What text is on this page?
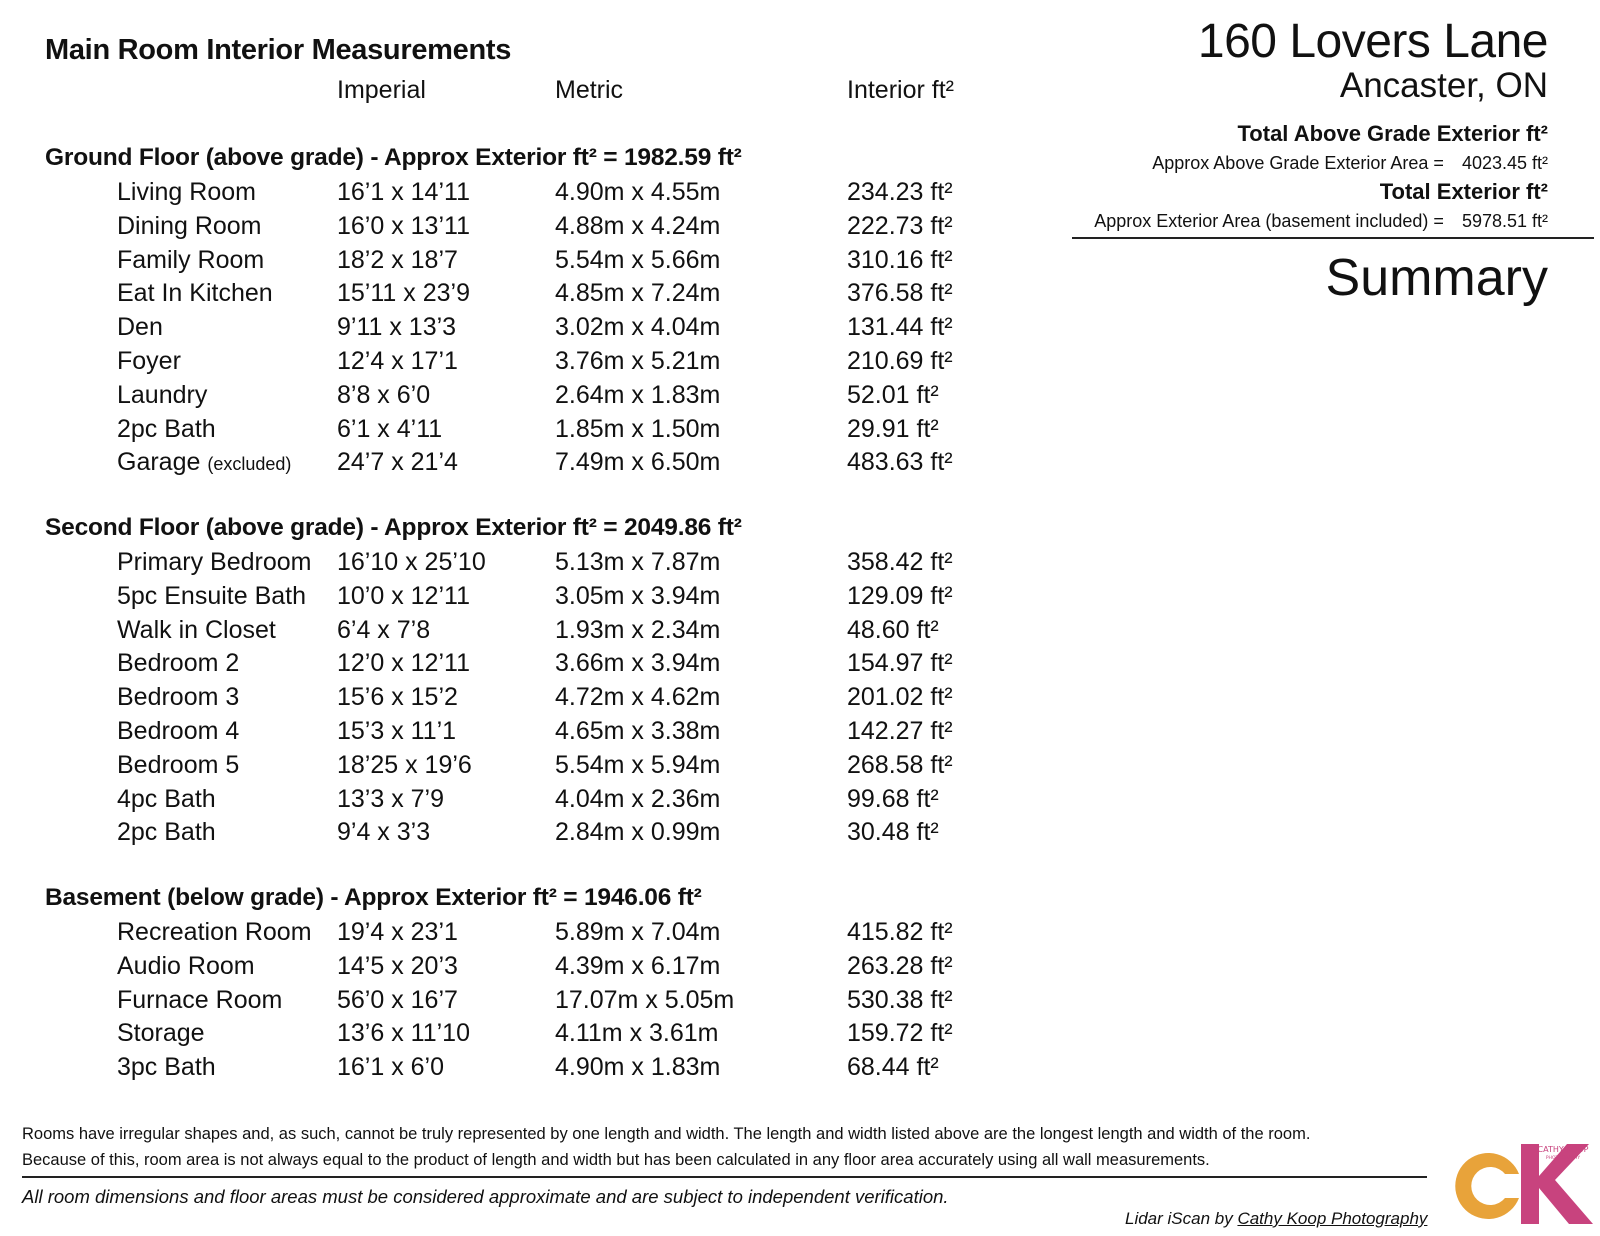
Main Room Interior Measurements
Imperial	Metric	Interior ft²
Ground Floor (above grade) - Approx Exterior ft² = 1982.59 ft²
Living Room	16’1 x 14’11	4.90m x 4.55m	234.23 ft²
Dining Room	16’0 x 13’11	4.88m x 4.24m	222.73 ft²
Family Room	18’2 x 18’7	5.54m x 5.66m	310.16 ft²
Eat In Kitchen	15’11 x 23’9	4.85m x 7.24m	376.58 ft²
Den	9’11 x 13’3	3.02m x 4.04m	131.44 ft²
Foyer	12’4 x 17’1	3.76m x 5.21m	210.69 ft²
Laundry	8’8 x 6’0	2.64m x 1.83m	52.01 ft²
2pc Bath	6’1 x 4’11	1.85m x 1.50m	29.91 ft²
Garage (excluded) 24’7 x 21’4	7.49m x 6.50m	483.63 ft²
Second Floor (above grade) - Approx Exterior ft² = 2049.86 ft²
Primary Bedroom 16’10 x 25’10	5.13m x 7.87m	358.42 ft²
5pc Ensuite Bath 10’0 x 12’11	3.05m x 3.94m	129.09 ft²
Walk in Closet 6’4 x 7’8	1.93m x 2.34m	48.60 ft²
Bedroom 2	12’0 x 12’11	3.66m x 3.94m	154.97 ft²
Bedroom 3	15’6 x 15’2	4.72m x 4.62m	201.02 ft²
Bedroom 4	15’3 x 11’1	4.65m x 3.38m	142.27 ft²
Bedroom 5	18’25 x 19’6	5.54m x 5.94m	268.58 ft²
4pc Bath	13’3 x 7’9	4.04m x 2.36m	99.68 ft²
2pc Bath	9’4 x 3’3	2.84m x 0.99m	30.48 ft²
Basement (below grade) - Approx Exterior ft² = 1946.06 ft²
Recreation Room 19’4 x 23’1	5.89m x 7.04m	415.82 ft²
Audio Room	14’5 x 20’3	4.39m x 6.17m	263.28 ft²
Furnace Room 56’0 x 16’7	17.07m x 5.05m	530.38 ft²
Storage	13’6 x 11’10	4.11m x 3.61m	159.72 ft²
3pc Bath	16’1 x 6’0	4.90m x 1.83m	68.44 ft²
160 Lovers Lane
Ancaster, ON
Total Above Grade Exterior ft²
Approx Above Grade Exterior Area = 4023.45 ft²
Total Exterior ft²
Approx Exterior Area (basement included) = 5978.51 ft²
Summary
Rooms have irregular shapes and, as such, cannot be truly represented by one length and width. The length and width listed above are the longest length and width of the room.
Because of this, room area is not always equal to the product of length and width but has been calculated in any floor area accurately using all wall measurements.
All room dimensions and floor areas must be considered approximate and are subject to independent verification.
Lidar iScan by Cathy Koop Photography
CATHY KOOP
PHOTOGRAPHY
